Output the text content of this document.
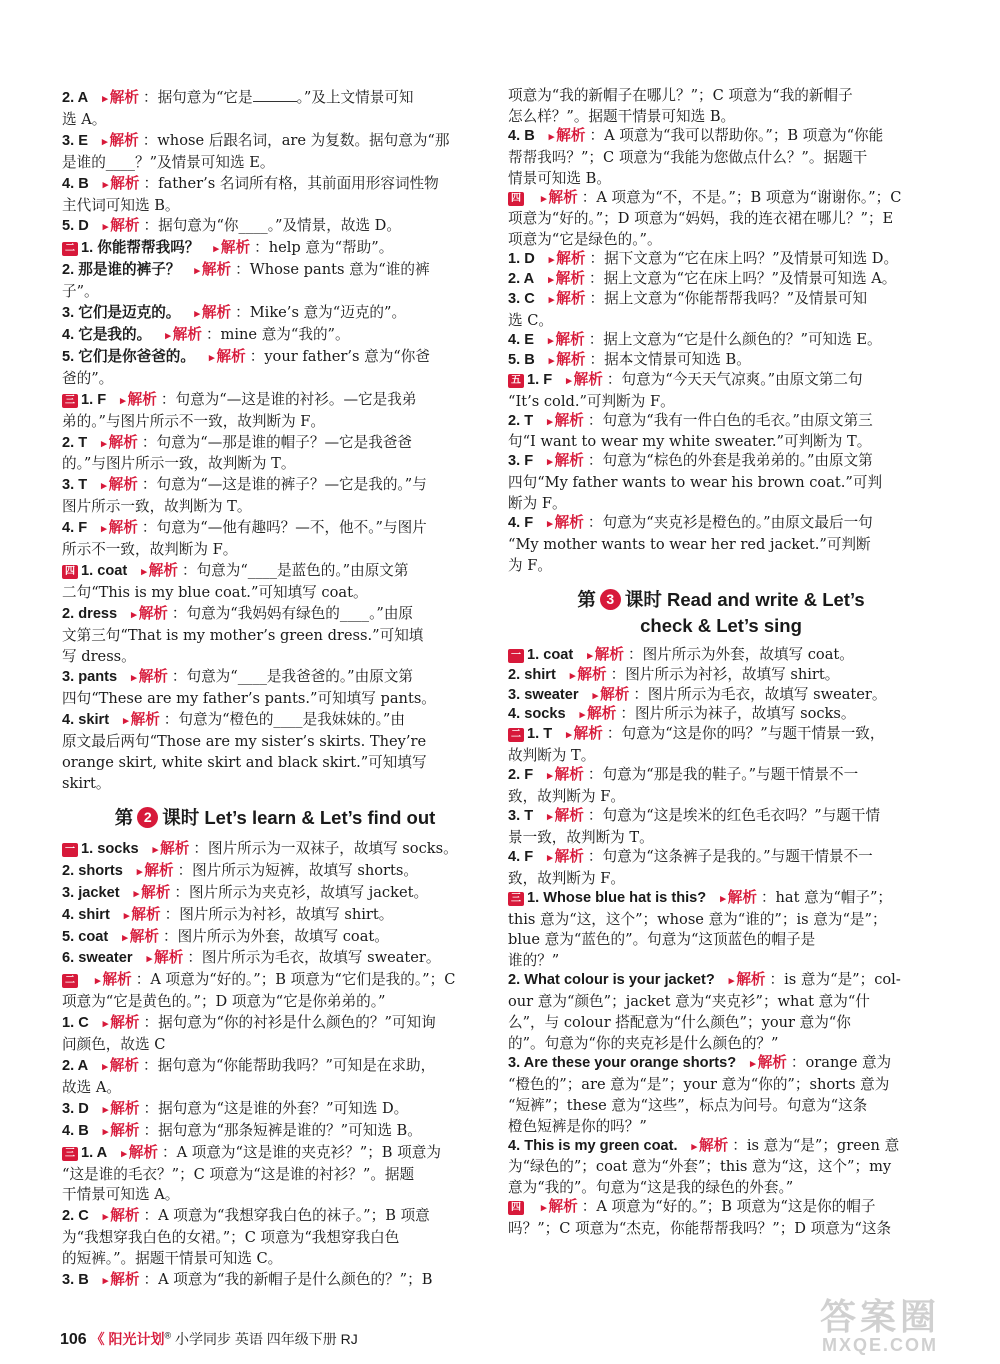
2. A ▸ 解析 ：据句意为“它是	。”及上文情景可知
选 A。
3. E ▸ 解析 ：whose 后跟名词，are 为复数。据句意为“那
是谁的____？”及情景可知选 E。
4. B ▸ 解析 ：father’s 名词所有格，其前面用形容词性物
主代词可知选 B。
5. D ▸ 解析 ：据句意为“你____。”及情景，故选 D。
二 1. 你能帮帮我吗？ ▸ 解析 ：help 意为“帮助”。
2. 那是谁的裤子？ ▸ 解析 ：Whose pants 意为“谁的裤
子”。
3. 它们是迈克的。 ▸ 解析 ：Mike’s 意为“迈克的”。
4. 它是我的。 ▸ 解析 ：mine 意为“我的”。
5. 它们是你爸爸的。 ▸ 解析 ：your father’s 意为“你爸
爸的”。
三 1. F ▸ 解析 ：句意为“—这是谁的衬衫。—它是我弟
弟的。”与图片所示不一致，故判断为 F。
2. T ▸ 解析 ：句意为“—那是谁的帽子？—它是我爸爸
的。”与图片所示一致，故判断为 T。
3. T ▸ 解析 ：句意为“—这是谁的裤子？—它是我的。”与
图片所示一致，故判断为 T。
4. F ▸ 解析 ：句意为“—他有趣吗？—不，他不。”与图片
所示不一致，故判断为 F。
四 1. coat ▸ 解析 ：句意为“____是蓝色的。”由原文第
二句“This is my blue coat.”可知填写 coat。
2. dress ▸ 解析 ：句意为“我妈妈有绿色的____。”由原
文第三句“That is my mother’s green dress.”可知填
写 dress。
3. pants ▸ 解析 ：句意为“____是我爸爸的。”由原文第
四句“These are my father’s pants.”可知填写 pants。
4. skirt ▸ 解析 ：句意为“橙色的____是我妹妹的。”由
原文最后两句“Those are my sister’s skirts. They’re
orange skirt, white skirt and black skirt.”可知填写
skirt。
第 2 课时 Let’s learn & Let’s find out
一 1. socks ▸ 解析 ：图片所示为一双袜子，故填写 socks。
2. shorts ▸ 解析 ：图片所示为短裤，故填写 shorts。
3. jacket ▸ 解析 ：图片所示为夹克衫，故填写 jacket。
4. shirt ▸ 解析 ：图片所示为衬衫，故填写 shirt。
5. coat ▸ 解析 ：图片所示为外套，故填写 coat。
6. sweater ▸ 解析 ：图片所示为毛衣，故填写 sweater。
二 ▸ 解析 ：A 项意为“好的。”；B 项意为“它们是我的。”；C
项意为“它是黄色的。”；D 项意为“它是你弟弟的。”
1. C ▸ 解析 ：据句意为“你的衬衫是什么颜色的？”可知询
问颜色，故选 C
2. A ▸ 解析 ：据句意为“你能帮助我吗？”可知是在求助，
故选 A。
3. D ▸ 解析 ：据句意为“这是谁的外套？”可知选 D。
4. B ▸ 解析 ：据句意为“那条短裤是谁的？”可知选 B。
三 1. A ▸ 解析 ：A 项意为“这是谁的夹克衫？”；B 项意为
“这是谁的毛衣？”；C 项意为“这是谁的衬衫？”。据题
干情景可知选 A。
2. C ▸ 解析 ：A 项意为“我想穿我白色的袜子。”；B 项意
为“我想穿我白色的女裙。”；C 项意为“我想穿我白色
的短裤。”。据题干情景可知选 C。
3. B ▸ 解析 ：A 项意为“我的新帽子是什么颜色的？”；B
项意为“我的新帽子在哪儿？”；C 项意为“我的新帽子
怎么样？”。据题干情景可知选 B。
4. B ▸ 解析 ：A 项意为“我可以帮助你。”；B 项意为“你能
帮帮我吗？”；C 项意为“我能为您做点什么？”。据题干
情景可知选 B。
四 ▸ 解析 ：A 项意为“不，不是。”；B 项意为“谢谢你。”；C
项意为“好的。”；D 项意为“妈妈，我的连衣裙在哪儿？”；E
项意为“它是绿色的。”。
1. D ▸ 解析 ：据下文意为“它在床上吗？”及情景可知选 D。
2. A ▸ 解析 ：据上文意为“它在床上吗？”及情景可知选 A。
3. C ▸ 解析 ：据上文意为“你能帮帮我吗？”及情景可知
选 C。
4. E ▸ 解析 ：据上文意为“它是什么颜色的？”可知选 E。
5. B ▸ 解析 ：据本文情景可知选 B。
五 1. F ▸ 解析 ：句意为“今天天气凉爽。”由原文第二句
“It’s cold.”可判断为 F。
2. T ▸ 解析 ：句意为“我有一件白色的毛衣。”由原文第三
句“I want to wear my white sweater.”可判断为 T。
3. F ▸ 解析 ：句意为“棕色的外套是我弟弟的。”由原文第
四句“My father wants to wear his brown coat.”可判
断为 F。
4. F ▸ 解析 ：句意为“夹克衫是橙色的。”由原文最后一句
“My mother wants to wear her red jacket.”可判断
为 F。
第 3 课时 Read and write & Let’s
check & Let’s sing
一 1. coat ▸ 解析 ：图片所示为外套，故填写 coat。
2. shirt ▸ 解析 ：图片所示为衬衫，故填写 shirt。
3. sweater ▸ 解析 ：图片所示为毛衣，故填写 sweater。
4. socks ▸ 解析 ：图片所示为袜子，故填写 socks。
二 1. T ▸ 解析 ：句意为“这是你的吗？”与题干情景一致，
故判断为 T。
2. F ▸ 解析 ：句意为“那是我的鞋子。”与题干情景不一
致，故判断为 F。
3. T ▸ 解析 ：句意为“这是埃米的红色毛衣吗？”与题干情
景一致，故判断为 T。
4. F ▸ 解析 ：句意为“这条裤子是我的。”与题干情景不一
致，故判断为 F。
三 1. Whose blue hat is this? ▸ 解析 ：hat 意为“帽子”；
this 意为“这，这个”；whose 意为“谁的”；is 意为“是”；
blue 意为“蓝色的”。句意为“这顶蓝色的帽子是
谁的？”
2. What colour is your jacket? ▸ 解析 ：is 意为“是”；col-
our 意为“颜色”；jacket 意为“夹克衫”；what 意为“什
么”，与 colour 搭配意为“什么颜色”；your 意为“你
的”。句意为“你的夹克衫是什么颜色的？”
3. Are these your orange shorts? ▸ 解析 ：orange 意为
“橙色的”；are 意为“是”；your 意为“你的”；shorts 意为
“短裤”；these 意为“这些”，标点为问号。句意为“这条
橙色短裤是你的吗？”
4. This is my green coat. ▸ 解析 ：is 意为“是”；green 意
为“绿色的”；coat 意为“外套”；this 意为“这，这个”；my
意为“我的”。句意为“这是我的绿色的外套。”
四 ▸ 解析 ：A 项意为“好的。”；B 项意为“这是你的帽子
吗？”；C 项意为“杰克，你能帮帮我吗？”；D 项意为“这条
106 《 阳光计划® 小学同步 英语 四年级下册 RJ
答案圈
MXQE.COM
